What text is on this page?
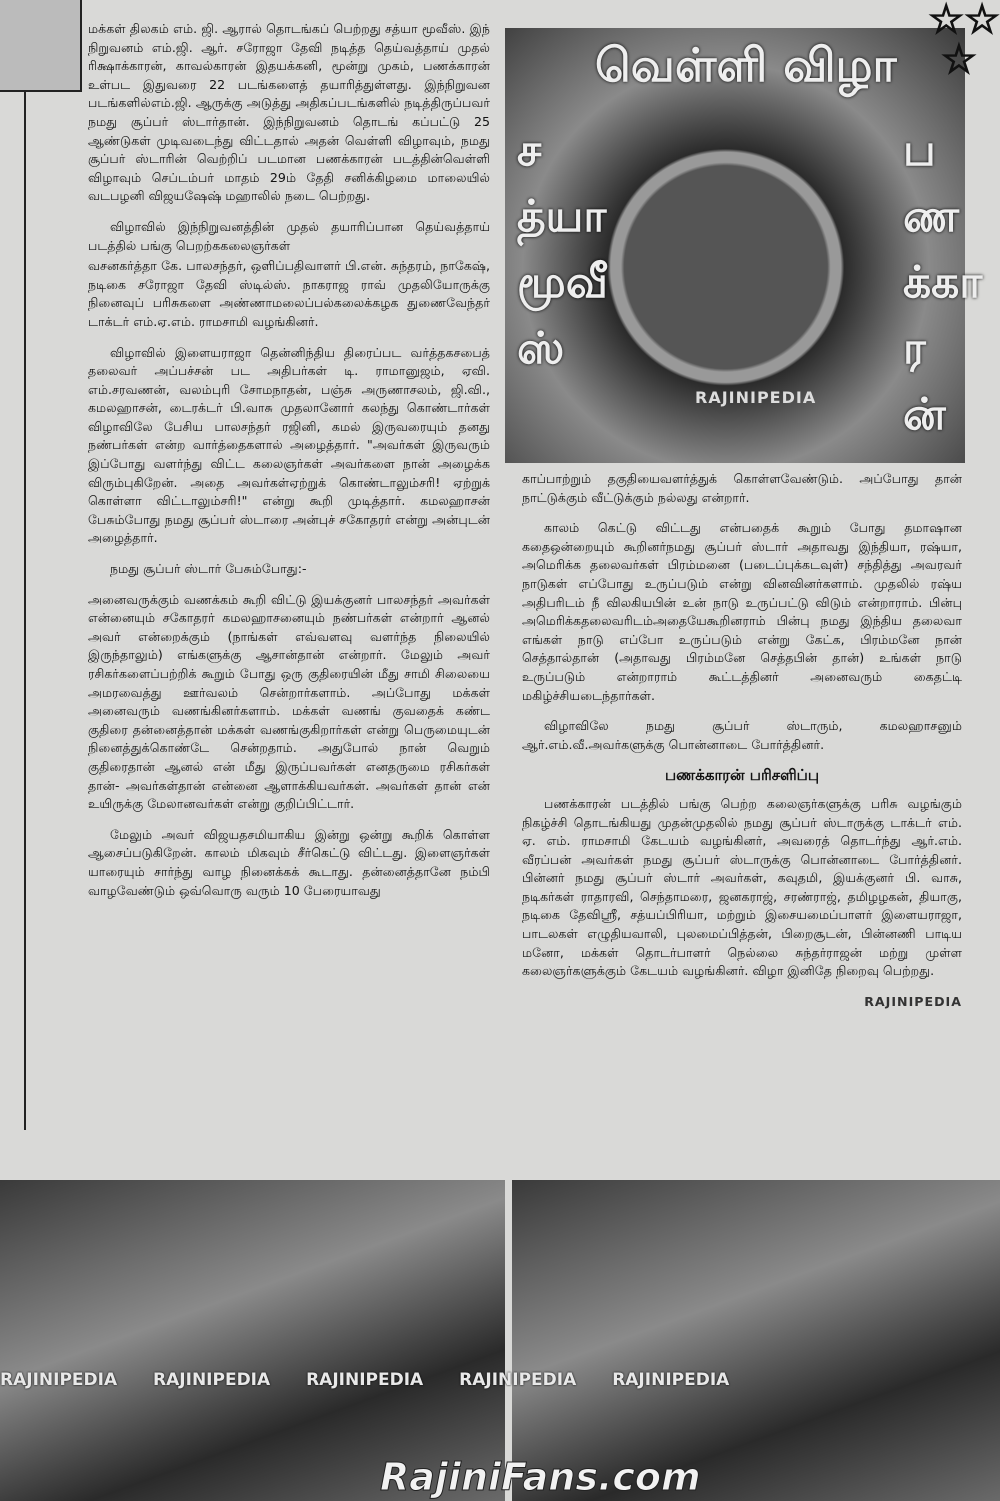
மக்கள் திலகம் எம். ஜி. ஆரால் தொடங்கப் பெற்றது சத்யா மூவீஸ். இந் நிறுவனம் எம்.ஜி. ஆர். சரோஜா தேவி நடித்த தெய்வத்தாய் முதல் ரிக்ஷாக்காரன், காவல்காரன் இதயக்கனி, மூன்று முகம், பணக்காரன் உள்பட இதுவரை 22 படங்களைத் தயாரித்துள்ளது. இந்நிறுவன படங்களில்எம்.ஜி. ஆருக்கு அடுத்து அதிகப்படங்களில் நடித்திருப்பவர் நமது சூப்பர் ஸ்டார்தான். இந்நிறுவனம் தொடங் கப்பட்டு 25 ஆண்டுகள் முடிவடைந்து விட்டதால் அதன் வெள்ளி விழாவும், நமது சூப்பர் ஸ்டாரின் வெற்றிப் படமான பணக்காரன் படத்தின்வெள்ளி விழாவும் செப்டம்பர் மாதம் 29ம் தேதி சனிக்கிழமை மாலையில் வடபழனி விஜயஷேஷ் மஹாலில் நடை பெற்றது.

விழாவில் இந்நிறுவனத்தின் முதல் தயாரிப்பான தெய்வத்தாய் படத்தில் பங்கு பெறற்ககலைஞர்கள்

வசனகர்த்தா கே. பாலசந்தர், ஒளிப்பதிவாளர் பி.என். சுந்தரம், நாகேஷ், நடிகை சரோஜா தேவி ஸ்டில்ஸ். நாகராஜ ராவ் முதலியோருக்கு நினைவுப் பரிசுகளை அண்ணாமலைப்பல்கலைக்கழக துணைவேந்தர் டாக்டர் எம்.ஏ.எம். ராமசாமி வழங்கினர்.

விழாவில் இளையராஜா தென்னிந்திய திரைப்பட வர்த்தகசபைத் தலைவர் அப்பச்சன் பட அதிபர்கள் டி. ராமானுஜம், ஏவி. எம்.சரவணன், வலம்புரி சோமநாதன், பஞ்சு அருணாசலம், ஜி.வி., கமலஹாசன், டைரக்டர் பி.வாசு முதலானோர் கலந்து கொண்டார்கள் விழாவிலே பேசிய பாலசந்தர் ரஜினி, கமல் இருவரையும் தனது நண்பர்கள் என்ற வார்த்தைகளால் அழைத்தார். "அவர்கள் இருவரும் இப்போது வளர்ந்து விட்ட கலைஞர்கள் அவர்களை நான் அழைக்க விரும்புகிறேன். அதை அவர்கள்ஏற்றுக் கொண்டாலும்சரி! ஏற்றுக் கொள்ளா விட்டாலும்சரி!" என்று கூறி முடித்தார். கமலஹாசன் பேசும்போது நமது சூப்பர் ஸ்டாரை அன்புச் சகோதரர் என்று அன்புடன் அழைத்தார்.

நமது சூப்பர் ஸ்டார் பேசும்போது:-

அனைவருக்கும் வணக்கம் கூறி விட்டு இயக்குனர் பாலசந்தர் அவர்கள் என்னையும் சகோதரர் கமலஹாசனையும் நண்பர்கள் என்றார் ஆனல் அவர் என்றைக்கும் (நாங்கள் எவ்வளவு வளர்ந்த நிலையில் இருந்தாலும்) எங்களுக்கு ஆசான்தான் என்றார். மேலும் அவர் ரசிகர்களைப்பற்றிக் கூறும் போது ஒரு குதிரையின் மீது சாமி சிலையை அமரவைத்து ஊர்வலம் சென்றார்களாம். அப்போது மக்கள் அனைவரும் வணங்கினர்களாம். மக்கள் வணங் குவதைக் கண்ட குதிரை தன்னைத்தான் மக்கள் வணங்குகிறார்கள் என்று பெருமையுடன் நினைத்துக்கொண்டே சென்றதாம். அதுபோல் நான் வெறும் குதிரைதான் ஆனல் என் மீது இருப்பவர்கள் எனதருமை ரசிகர்கள் தான்- அவர்கள்தான் என்னை ஆளாக்கியவர்கள். அவர்கள் தான் என் உயிருக்கு மேலானவர்கள் என்று குறிப்பிட்டார்.

மேலும் அவர் விஜயதசமியாகிய இன்று ஒன்று கூறிக் கொள்ள ஆசைப்படுகிறேன். காலம் மிகவும் சீர்கெட்டு விட்டது. இளைஞர்கள் யாரையும் சார்ந்து வாழ நினைக்கக் கூடாது. தன்னைத்தானே நம்பி வாழவேண்டும் ஒவ்வொரு வரும் 10 பேரையாவது

வெள்ளி விழா
சத்யா மூவீஸ்
பணக்காரன்
RAJINIPEDIA
☆☆
☆

காப்பாற்றும் தகுதியைவளர்த்துக் கொள்ளவேண்டும். அப்போது தான் நாட்டுக்கும் வீட்டுக்கும் நல்லது என்றார்.

காலம் கெட்டு விட்டது என்பதைக் கூறும் போது தமாஷான கதைஒன்றையும் கூறினர்நமது சூப்பர் ஸ்டார் அதாவது இந்தியா, ரஷ்யா, அமெரிக்க தலைவர்கள் பிரம்மனை (படைப்புக்கடவுள்) சந்தித்து அவரவர் நாடுகள் எப்போது உருப்படும் என்று வினவினர்களாம். முதலில் ரஷ்ய அதிபரிடம் நீ விலகியபின் உன் நாடு உருப்பட்டு விடும் என்றாராம். பின்பு அமெரிக்கதலைவரிடம்அதையேகூறினராம் பின்பு நமது இந்திய தலைவா எங்கள் நாடு எப்போ உருப்படும் என்று கேட்க, பிரம்மனே நான் செத்தால்தான் (அதாவது பிரம்மனே செத்தபின் தான்) உங்கள் நாடு உருப்படும் என்றாராம் கூட்டத்தினர் அனைவரும் கைதட்டி மகிழ்ச்சியடைந்தார்கள்.

விழாவிலே நமது சூப்பர் ஸ்டாரும், கமலஹாசனும் ஆர்.எம்.வீ.அவர்களுக்கு பொன்னாடை போர்த்தினர்.

பணக்காரன் பரிசளிப்பு

பணக்காரன் படத்தில் பங்கு பெற்ற கலைஞர்களுக்கு பரிசு வழங்கும் நிகழ்ச்சி தொடங்கியது முதன்முதலில் நமது சூப்பர் ஸ்டாருக்கு டாக்டர் எம். ஏ. எம். ராமசாமி கேடயம் வழங்கினர், அவரைத் தொடர்ந்து ஆர்.எம். வீரப்பன் அவர்கள் நமது சூப்பர் ஸ்டாருக்கு பொன்னாடை போர்த்தினர். பின்னர் நமது சூப்பர் ஸ்டார் அவர்கள், கவுதமி, இயக்குனர் பி. வாசு, நடிகர்கள் ராதாரவி, செந்தாமரை, ஜனகராஜ், சரண்ராஜ், தமிழழகன், தியாகு, நடிகை தேவிஸ்ரீ, சத்யப்பிரியா, மற்றும் இசையமைப்பாளர் இளையராஜா, பாடலகள் எழுதியவாலி, புலமைப்பித்தன், பிறைசூடன், பின்னணி பாடிய மனோ, மக்கள் தொடர்பாளர் நெல்லை சுந்தர்ராஜன் மற்று முள்ள கலைஞர்களுக்கும் கேடயம் வழங்கினர். விழா இனிதே நிறைவு பெற்றது.

RAJINIPEDIA
RAJINIPEDIA RAJINIPEDIA RAJINIPEDIA RAJINIPEDIA RAJINIPEDIA
RajiniFans.com
